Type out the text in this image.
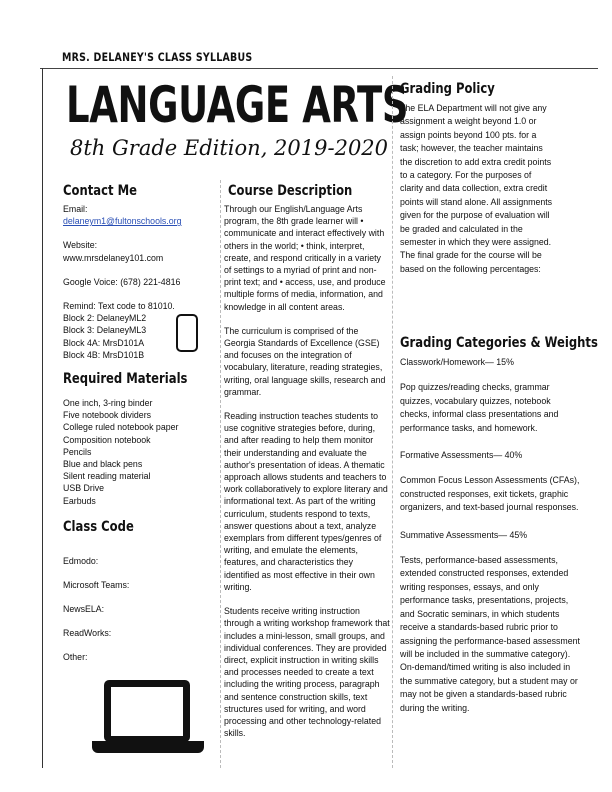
MRS. DELANEY'S CLASS SYLLABUS
LANGUAGE ARTS
8th Grade Edition, 2019-2020
Contact Me

Email:

delaneym1@fultonschools.org

Website:

www.mrsdelaney101.com

Google Voice: (678) 221-4816

Remind: Text code to 81010.

Block 2: DelaneyML2

Block 3: DelaneyML3

Block 4A: MrsD101A

Block 4B: MrsD101B

Required Materials

One inch, 3-ring binder

Five notebook dividers

College ruled notebook paper

Composition notebook

Pencils

Blue and black pens

Silent reading material

USB Drive

Earbuds

Class Code

Edmodo:

Microsoft Teams:

NewsELA:

ReadWorks:

Other:

Course Description

Through our English/Language Arts program, the 8th grade learner will • communicate and interact effectively with others in the world; • think, interpret, create, and respond critically in a variety of settings to a myriad of print and non-print text; and • access, use, and produce multiple forms of media, information, and knowledge in all content areas.

The curriculum is comprised of the Georgia Standards of Excellence (GSE) and focuses on the integration of vocabulary, literature, reading strategies, writing, oral language skills, research and grammar.

Reading instruction teaches students to use cognitive strategies before, during, and after reading to help them monitor their understanding and evaluate the author's presentation of ideas. A thematic approach allows students and teachers to work collaboratively to explore literary and informational text. As part of the writing curriculum, students respond to texts, answer questions about a text, analyze exemplars from different types/genres of writing, and emulate the elements, features, and characteristics they identified as most effective in their own writing.

Students receive writing instruction through a writing workshop framework that includes a mini-lesson, small groups, and individual conferences. They are provided direct, explicit instruction in writing skills and processes needed to create a text including the writing process, paragraph and sentence construction skills, text structures used for writing, and word processing and other technology-related skills.

Grading Policy

The ELA Department will not give any assignment a weight beyond 1.0 or assign points beyond 100 pts. for a task; however, the teacher maintains the discretion to add extra credit points to a category. For the purposes of clarity and data collection, extra credit points will stand alone. All assignments given for the purpose of evaluation will be graded and calculated in the semester in which they were assigned. The final grade for the course will be based on the following percentages:

Grading Categories & Weights

Classwork/Homework— 15%

Pop quizzes/reading checks, grammar quizzes, vocabulary quizzes, notebook checks, informal class presentations and performance tasks, and homework.

Formative Assessments— 40%

Common Focus Lesson Assessments (CFAs), constructed responses, exit tickets, graphic organizers, and text-based journal responses.

Summative Assessments— 45%

Tests, performance-based assessments, extended constructed responses, extended writing responses, essays, and only performance tasks, presentations, projects, and Socratic seminars, in which students receive a standards-based rubric prior to assigning the performance-based assessment will be included in the summative category). On-demand/timed writing is also included in the summative category, but a student may or may not be given a standards-based rubric during the writing.
